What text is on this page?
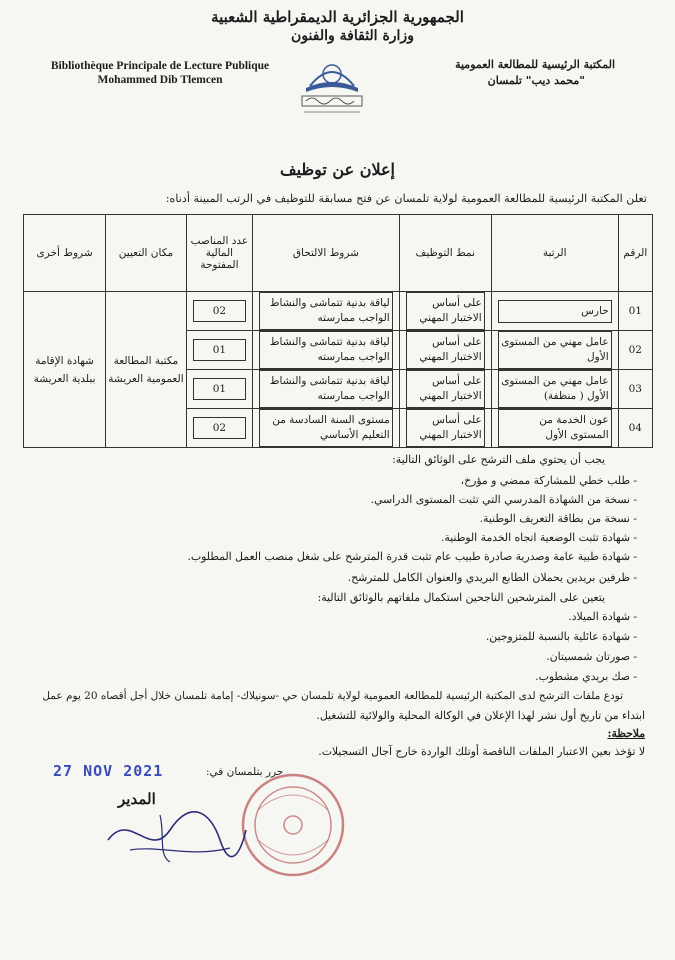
الجمهورية الجزائرية الديمقراطية الشعبية
وزارة الثقافة والفنون
Bibliothèque Principale de Lecture Publique
Mohammed Dib Tlemcen
المكتبة الرئيسية للمطالعة العمومية
"محمد ديب" تلمسان
إعلان عن توظيف
تعلن المكتبة الرئيسية للمطالعة العمومية لولاية تلمسان عن فتح مسابقة للتوظيف في الرتب المبينة أدناه:
الرقم	الرتبة	نمط التوظيف	شروط الالتحاق	عدد المناصب المالية المفتوحة	مكان التعيين	شروط أخرى
01	حارس	على أساس الاختبار المهني	لياقة بدنية تتماشى والنشاط الواجب ممارسته	02	مكتبة المطالعة العمومية العريشة	شهادة الإقامة ببلدية العريشة
02	عامل مهني من المستوى الأول	على أساس الاختبار المهني	لياقة بدنية تتماشى والنشاط الواجب ممارسته	01		

03	عامل مهني من المستوى الأول ( منظفة)	على أساس الاختبار المهني	لياقة بدنية تتماشى والنشاط الواجب ممارسته	01		

04	عون الخدمة من المستوى الأول	على أساس الاختبار المهني	مستوى السنة السادسة من التعليم الأساسي	02		
يجب أن يحتوي ملف الترشح على الوثائق التالية:
- طلب خطي للمشاركة ممضي و مؤرخ،
- نسخة من الشهادة المدرسي التي تثبت المستوى الدراسي.
- نسخة من بطاقة التعريف الوطنية.
- شهادة تثبت الوضعية اتجاه الخدمة الوطنية.
- شهادة طبية عامة وصدرية صادرة طبيب عام تثبت قدرة المترشح على شغل منصب العمل المطلوب.
- ظرفين بريدين يحملان الطابع البريدي والعنوان الكامل للمترشح.
يتعين على المترشحين الناجحين استكمال ملفاتهم بالوثائق التالية:
- شهادة الميلاد.
- شهادة عائلية بالنسبة للمتزوجين.
- صورتان شمسيتان.
- صك بريدي مشطوب.
تودع ملفات الترشح لدى المكتبة الرئيسية للمطالعة العمومية لولاية تلمسان حي -سونيلاك- إمامة تلمسان خلال أجل أقصاه 20 يوم عمل
ابتداء من تاريخ أول نشر لهذا الإعلان في الوكالة المحلية والولائية للتشغيل.
ملاحظة:
لا تؤخذ بعين الاعتبار الملفات الناقصة أوتلك الواردة خارج آجال التسجيلات.
27 NOV 2021	حرر بتلمسان في:
المدير
